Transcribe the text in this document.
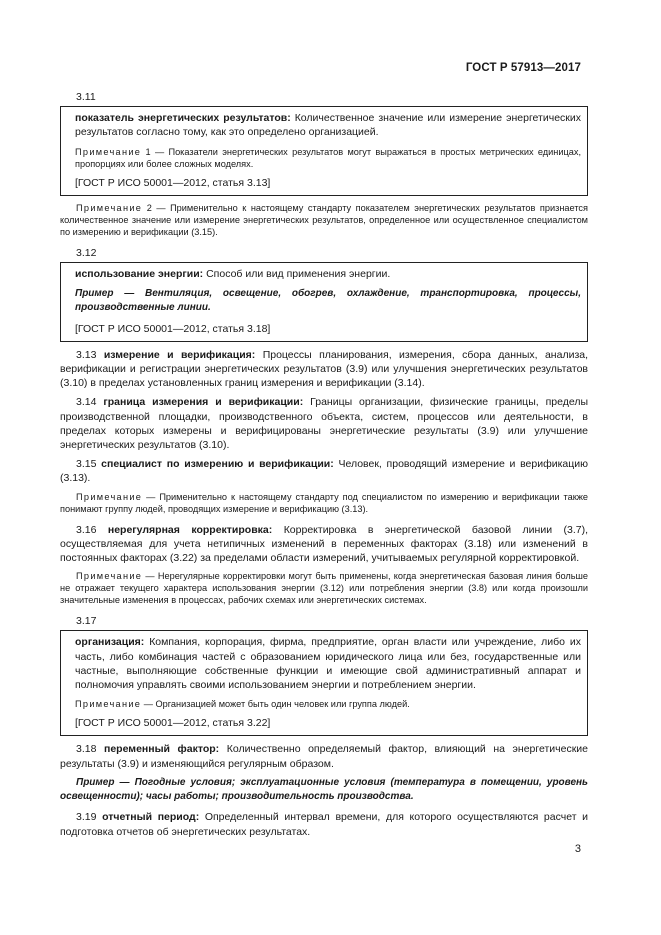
ГОСТ Р 57913—2017
3.11
показатель энергетических результатов: Количественное значение или измерение энергетических результатов согласно тому, как это определено организацией.
Примечание 1 — Показатели энергетических результатов могут выражаться в простых метрических единицах, пропорциях или более сложных моделях.
[ГОСТ Р ИСО 50001—2012, статья 3.13]
Примечание 2 — Применительно к настоящему стандарту показателем энергетических результатов признается количественное значение или измерение энергетических результатов, определенное или осуществленное специалистом по измерению и верификации (3.15).
3.12
использование энергии: Способ или вид применения энергии.
Пример — Вентиляция, освещение, обогрев, охлаждение, транспортировка, процессы, производственные линии.
[ГОСТ Р ИСО 50001—2012, статья 3.18]
3.13 измерение и верификация: Процессы планирования, измерения, сбора данных, анализа, верификации и регистрации энергетических результатов (3.9) или улучшения энергетических результатов (3.10) в пределах установленных границ измерения и верификации (3.14).
3.14 граница измерения и верификации: Границы организации, физические границы, пределы производственной площадки, производственного объекта, систем, процессов или деятельности, в пределах которых измерены и верифицированы энергетические результаты (3.9) или улучшение энергетических результатов (3.10).
3.15 специалист по измерению и верификации: Человек, проводящий измерение и верификацию (3.13).
Примечание — Применительно к настоящему стандарту под специалистом по измерению и верификации также понимают группу людей, проводящих измерение и верификацию (3.13).
3.16 нерегулярная корректировка: Корректировка в энергетической базовой линии (3.7), осуществляемая для учета нетипичных изменений в переменных факторах (3.18) или изменений в постоянных факторах (3.22) за пределами области измерений, учитываемых регулярной корректировкой.
Примечание — Нерегулярные корректировки могут быть применены, когда энергетическая базовая линия больше не отражает текущего характера использования энергии (3.12) или потребления энергии (3.8) или когда произошли значительные изменения в процессах, рабочих схемах или энергетических системах.
3.17
организация: Компания, корпорация, фирма, предприятие, орган власти или учреждение, либо их часть, либо комбинация частей с образованием юридического лица или без, государственные или частные, выполняющие собственные функции и имеющие свой административный аппарат и полномочия управлять своими использованием энергии и потреблением энергии.
Примечание — Организацией может быть один человек или группа людей.
[ГОСТ Р ИСО 50001—2012, статья 3.22]
3.18 переменный фактор: Количественно определяемый фактор, влияющий на энергетические результаты (3.9) и изменяющийся регулярным образом.
Пример — Погодные условия; эксплуатационные условия (температура в помещении, уровень освещенности); часы работы; производительность производства.
3.19 отчетный период: Определенный интервал времени, для которого осуществляются расчет и подготовка отчетов об энергетических результатах.
3
